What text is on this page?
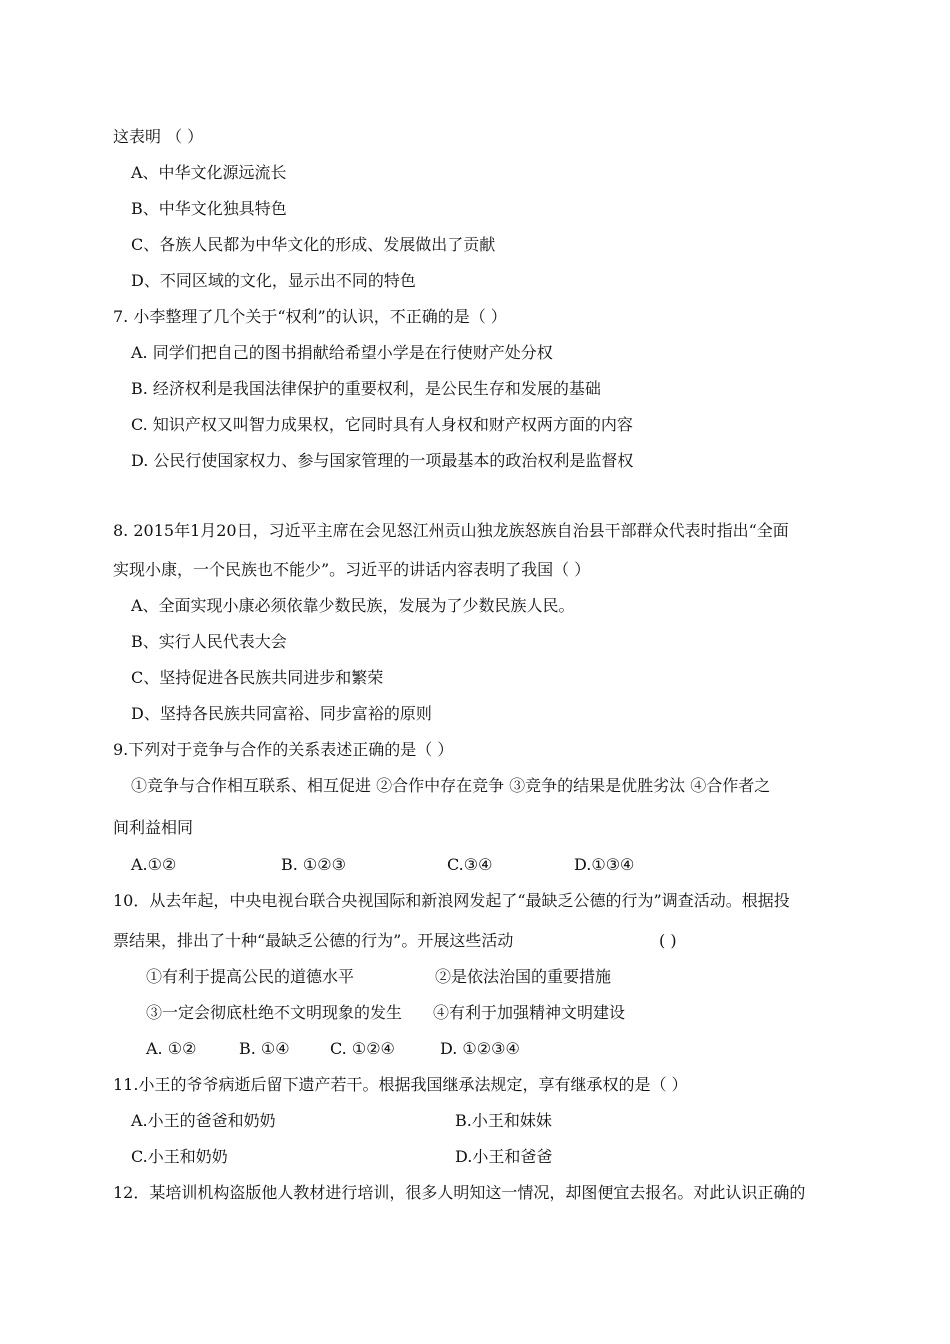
这表明 （ ）
A、中华文化源远流长
B、中华文化独具特色
C、各族人民都为中华文化的形成、发展做出了贡献
D、不同区域的文化，显示出不同的特色
7. 小李整理了几个关于“权利”的认识，不正确的是（ ）
A. 同学们把自己的图书捐献给希望小学是在行使财产处分权
B. 经济权利是我国法律保护的重要权利，是公民生存和发展的基础
C. 知识产权又叫智力成果权，它同时具有人身权和财产权两方面的内容
D. 公民行使国家权力、参与国家管理的一项最基本的政治权利是监督权
8. 2015年1月20日，习近平主席在会见怒江州贡山独龙族怒族自治县干部群众代表时指出“全面
实现小康，一个民族也不能少”。习近平的讲话内容表明了我国（ ）
A、全面实现小康必须依靠少数民族，发展为了少数民族人民。
B、实行人民代表大会
C、坚持促进各民族共同进步和繁荣
D、坚持各民族共同富裕、同步富裕的原则
9.下列对于竞争与合作的关系表述正确的是（ ）
①竞争与合作相互联系、相互促进 ②合作中存在竞争 ③竞争的结果是优胜劣汰 ④合作者之
间利益相同
A.①②	B. ①②③	C.③④	D.①③④
10．从去年起，中央电视台联合央视国际和新浪网发起了“最缺乏公德的行为”调查活动。根据投
票结果，排出了十种“最缺乏公德的行为”。开展这些活动	( )
①有利于提高公民的道德水平	②是依法治国的重要措施
③一定会彻底杜绝不文明现象的发生 ④有利于加强精神文明建设
A. ①②	B. ①④	C. ①②④	D. ①②③④
11.小王的爷爷病逝后留下遗产若干。根据我国继承法规定，享有继承权的是（ ）
A.小王的爸爸和奶奶	B.小王和妹妹
C.小王和奶奶	D.小王和爸爸
12．某培训机构盗版他人教材进行培训，很多人明知这一情况，却图便宜去报名。对此认识正确的
